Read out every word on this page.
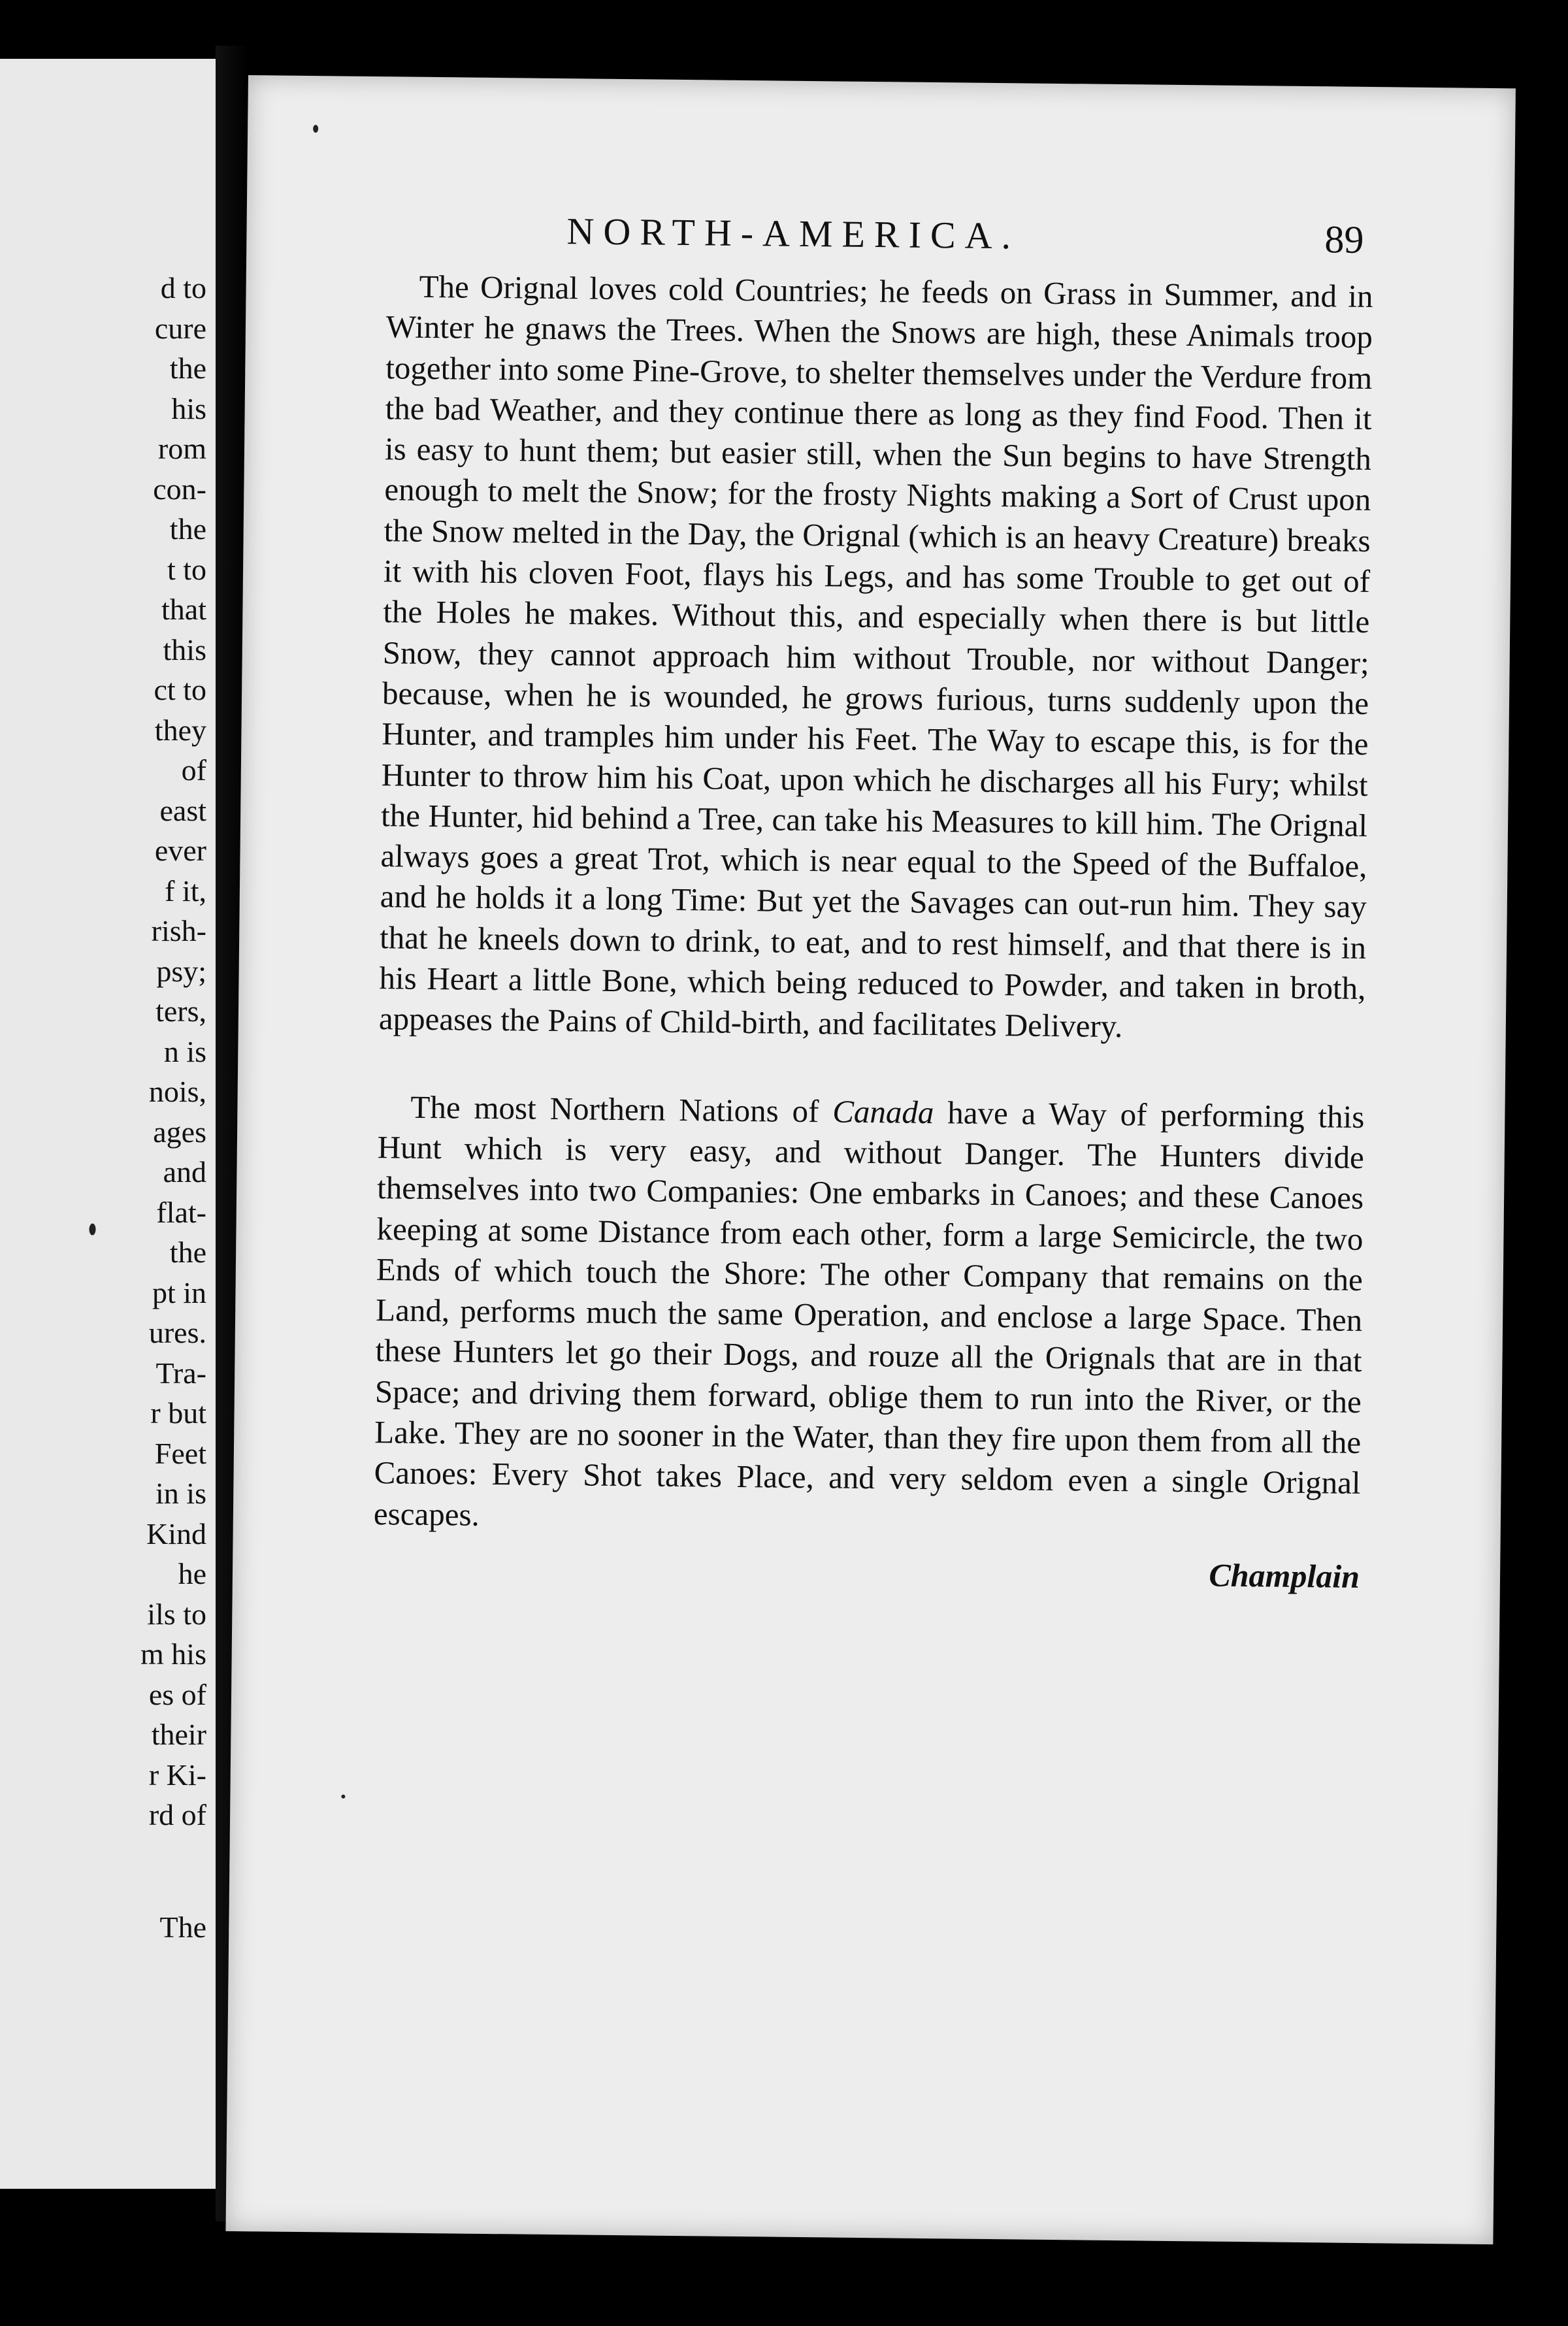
d to
cure
the
his
rom
con-
the
t to
that
this
ct to
they
of
east
ever
f it,
rish-
psy;
ters,
n is
nois,
ages
and
flat-
the
pt in
ures.
Tra-
r but
Feet
in is
Kind
he
ils to
m his
es of
their
r Ki-
rd of
The
NORTH-AMERICA.	89

The Orignal loves cold Countries; he feeds on Grass in Summer, and in Winter he gnaws the Trees. When the Snows are high, these Animals troop together into some Pine-Grove, to shelter themselves under the Verdure from the bad Weather, and they continue there as long as they find Food. Then it is easy to hunt them; but easier still, when the Sun begins to have Strength enough to melt the Snow; for the frosty Nights making a Sort of Crust upon the Snow melted in the Day, the Orignal (which is an heavy Creature) breaks it with his cloven Foot, flays his Legs, and has some Trouble to get out of the Holes he makes. Without this, and especially when there is but little Snow, they cannot approach him without Trouble, nor without Danger; because, when he is wounded, he grows furious, turns suddenly upon the Hunter, and tramples him under his Feet. The Way to escape this, is for the Hunter to throw him his Coat, upon which he discharges all his Fury; whilst the Hunter, hid behind a Tree, can take his Measures to kill him. The Orignal always goes a great Trot, which is near equal to the Speed of the Buffaloe, and he holds it a long Time: But yet the Savages can out-run him. They say that he kneels down to drink, to eat, and to rest himself, and that there is in his Heart a little Bone, which being reduced to Powder, and taken in broth, appeases the Pains of Child-birth, and facilitates Delivery.

The most Northern Nations of Canada have a Way of performing this Hunt which is very easy, and without Danger. The Hunters divide themselves into two Companies: One embarks in Canoes; and these Canoes keeping at some Distance from each other, form a large Semicircle, the two Ends of which touch the Shore: The other Company that remains on the Land, performs much the same Operation, and enclose a large Space. Then these Hunters let go their Dogs, and rouze all the Orignals that are in that Space; and driving them forward, oblige them to run into the River, or the Lake. They are no sooner in the Water, than they fire upon them from all the Canoes: Every Shot takes Place, and very seldom even a single Orignal escapes.

Champlain
